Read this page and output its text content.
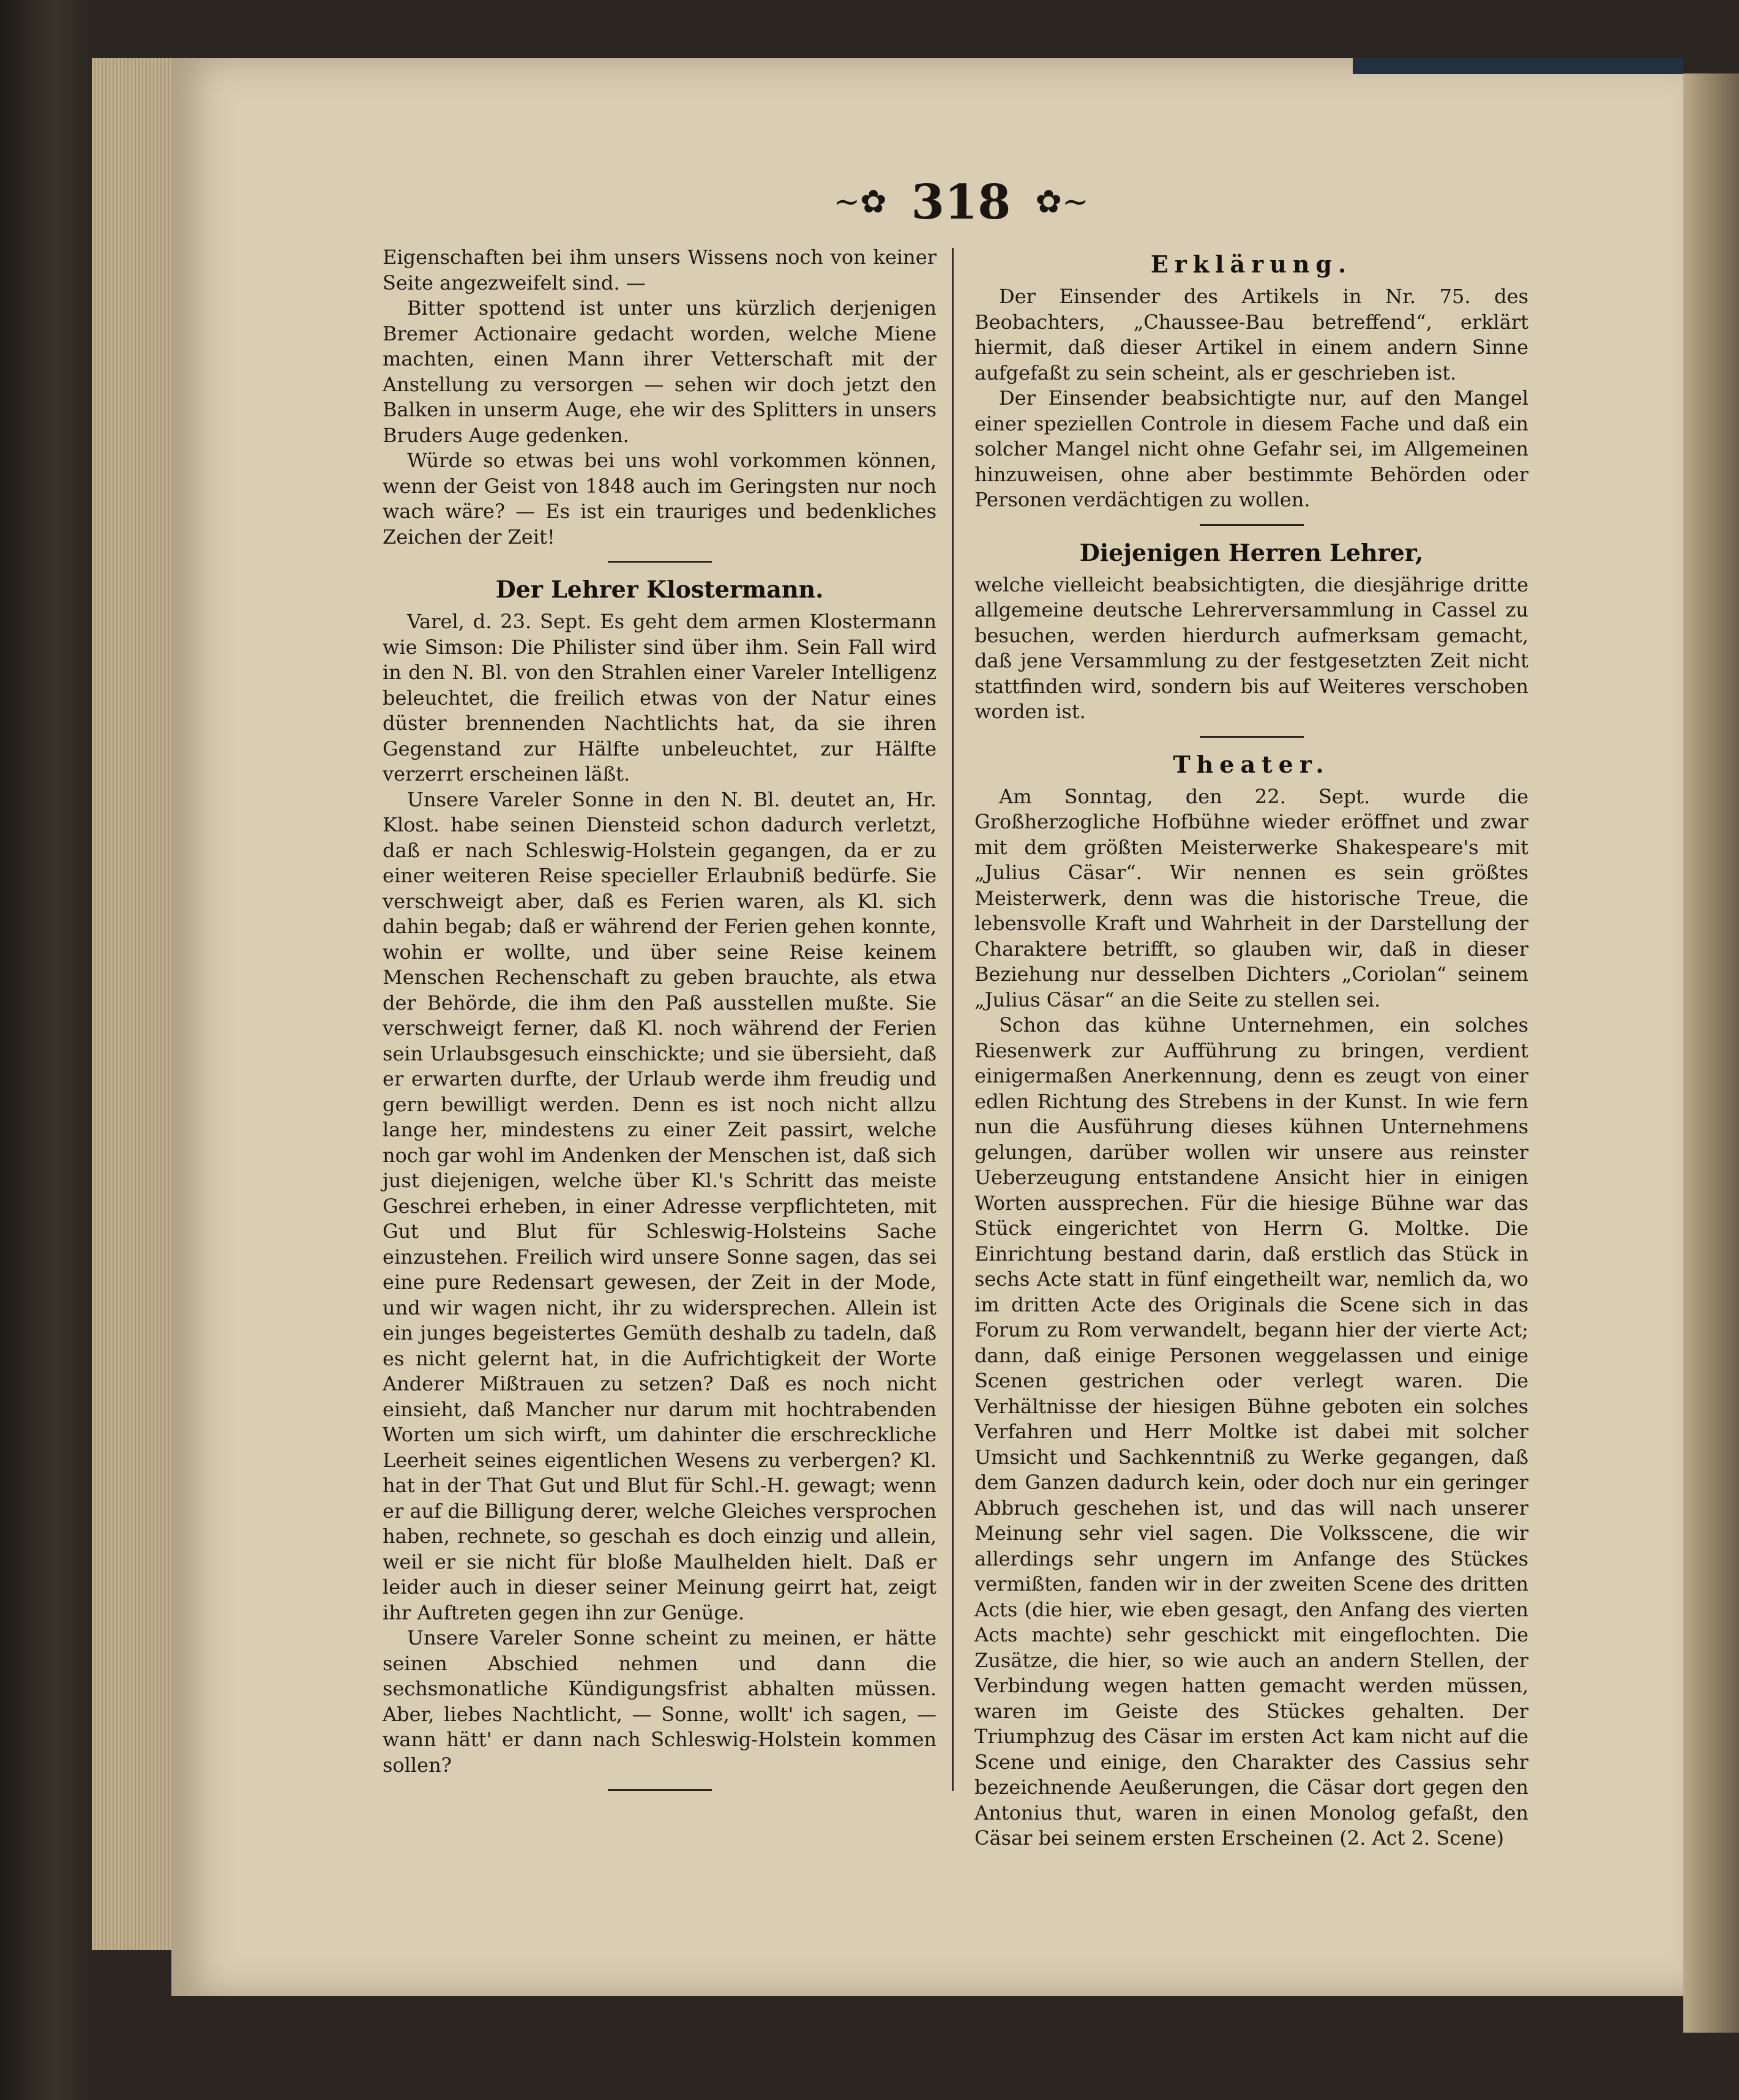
∼✿ 318 ✿∼

Eigenschaften bei ihm unsers Wissens noch von keiner Seite angezweifelt sind. —

Bitter spottend ist unter uns kürzlich derjenigen Bremer Actionaire gedacht worden, welche Miene machten, einen Mann ihrer Vetterschaft mit der Anstellung zu versorgen — sehen wir doch jetzt den Balken in unserm Auge, ehe wir des Splitters in unsers Bruders Auge gedenken.

Würde so etwas bei uns wohl vorkommen können, wenn der Geist von 1848 auch im Geringsten nur noch wach wäre? — Es ist ein trauriges und bedenkliches Zeichen der Zeit!

Der Lehrer Klostermann.

Varel, d. 23. Sept. Es geht dem armen Klostermann wie Simson: Die Philister sind über ihm. Sein Fall wird in den N. Bl. von den Strahlen einer Vareler Intelligenz beleuchtet, die freilich etwas von der Natur eines düster brennenden Nachtlichts hat, da sie ihren Gegenstand zur Hälfte unbeleuchtet, zur Hälfte verzerrt erscheinen läßt.

Unsere Vareler Sonne in den N. Bl. deutet an, Hr. Klost. habe seinen Diensteid schon dadurch verletzt, daß er nach Schleswig-Holstein gegangen, da er zu einer weiteren Reise specieller Erlaubniß bedürfe. Sie verschweigt aber, daß es Ferien waren, als Kl. sich dahin begab; daß er während der Ferien gehen konnte, wohin er wollte, und über seine Reise keinem Menschen Rechenschaft zu geben brauchte, als etwa der Behörde, die ihm den Paß ausstellen mußte. Sie verschweigt ferner, daß Kl. noch während der Ferien sein Urlaubsgesuch einschickte; und sie übersieht, daß er erwarten durfte, der Urlaub werde ihm freudig und gern bewilligt werden. Denn es ist noch nicht allzu lange her, mindestens zu einer Zeit passirt, welche noch gar wohl im Andenken der Menschen ist, daß sich just diejenigen, welche über Kl.'s Schritt das meiste Geschrei erheben, in einer Adresse verpflichteten, mit Gut und Blut für Schleswig-Holsteins Sache einzustehen. Freilich wird unsere Sonne sagen, das sei eine pure Redensart gewesen, der Zeit in der Mode, und wir wagen nicht, ihr zu widersprechen. Allein ist ein junges begeistertes Gemüth deshalb zu tadeln, daß es nicht gelernt hat, in die Aufrichtigkeit der Worte Anderer Mißtrauen zu setzen? Daß es noch nicht einsieht, daß Mancher nur darum mit hochtrabenden Worten um sich wirft, um dahinter die erschreckliche Leerheit seines eigentlichen Wesens zu verbergen? Kl. hat in der That Gut und Blut für Schl.-H. gewagt; wenn er auf die Billigung derer, welche Gleiches versprochen haben, rechnete, so geschah es doch einzig und allein, weil er sie nicht für bloße Maulhelden hielt. Daß er leider auch in dieser seiner Meinung geirrt hat, zeigt ihr Auftreten gegen ihn zur Genüge.

Unsere Vareler Sonne scheint zu meinen, er hätte seinen Abschied nehmen und dann die sechsmonatliche Kündigungsfrist abhalten müssen. Aber, liebes Nachtlicht, — Sonne, wollt' ich sagen, — wann hätt' er dann nach Schleswig-Holstein kommen sollen?

Erklärung.

Der Einsender des Artikels in Nr. 75. des Beobachters, „Chaussee-Bau betreffend“, erklärt hiermit, daß dieser Artikel in einem andern Sinne aufgefaßt zu sein scheint, als er geschrieben ist.

Der Einsender beabsichtigte nur, auf den Mangel einer speziellen Controle in diesem Fache und daß ein solcher Mangel nicht ohne Gefahr sei, im Allgemeinen hinzuweisen, ohne aber bestimmte Behörden oder Personen verdächtigen zu wollen.

Diejenigen Herren Lehrer,

welche vielleicht beabsichtigten, die diesjährige dritte allgemeine deutsche Lehrerversammlung in Cassel zu besuchen, werden hierdurch aufmerksam gemacht, daß jene Versammlung zu der festgesetzten Zeit nicht stattfinden wird, sondern bis auf Weiteres verschoben worden ist.

Theater.

Am Sonntag, den 22. Sept. wurde die Großherzogliche Hofbühne wieder eröffnet und zwar mit dem größten Meisterwerke Shakespeare's mit „Julius Cäsar“. Wir nennen es sein größtes Meisterwerk, denn was die historische Treue, die lebensvolle Kraft und Wahrheit in der Darstellung der Charaktere betrifft, so glauben wir, daß in dieser Beziehung nur desselben Dichters „Coriolan“ seinem „Julius Cäsar“ an die Seite zu stellen sei.

Schon das kühne Unternehmen, ein solches Riesenwerk zur Aufführung zu bringen, verdient einigermaßen Anerkennung, denn es zeugt von einer edlen Richtung des Strebens in der Kunst. In wie fern nun die Ausführung dieses kühnen Unternehmens gelungen, darüber wollen wir unsere aus reinster Ueberzeugung entstandene Ansicht hier in einigen Worten aussprechen. Für die hiesige Bühne war das Stück eingerichtet von Herrn G. Moltke. Die Einrichtung bestand darin, daß erstlich das Stück in sechs Acte statt in fünf eingetheilt war, nemlich da, wo im dritten Acte des Originals die Scene sich in das Forum zu Rom verwandelt, begann hier der vierte Act; dann, daß einige Personen weggelassen und einige Scenen gestrichen oder verlegt waren. Die Verhältnisse der hiesigen Bühne geboten ein solches Verfahren und Herr Moltke ist dabei mit solcher Umsicht und Sachkenntniß zu Werke gegangen, daß dem Ganzen dadurch kein, oder doch nur ein geringer Abbruch geschehen ist, und das will nach unserer Meinung sehr viel sagen. Die Volksscene, die wir allerdings sehr ungern im Anfange des Stückes vermißten, fanden wir in der zweiten Scene des dritten Acts (die hier, wie eben gesagt, den Anfang des vierten Acts machte) sehr geschickt mit eingeflochten. Die Zusätze, die hier, so wie auch an andern Stellen, der Verbindung wegen hatten gemacht werden müssen, waren im Geiste des Stückes gehalten. Der Triumphzug des Cäsar im ersten Act kam nicht auf die Scene und einige, den Charakter des Cassius sehr bezeichnende Aeußerungen, die Cäsar dort gegen den Antonius thut, waren in einen Monolog gefaßt, den Cäsar bei seinem ersten Erscheinen (2. Act 2. Scene)
